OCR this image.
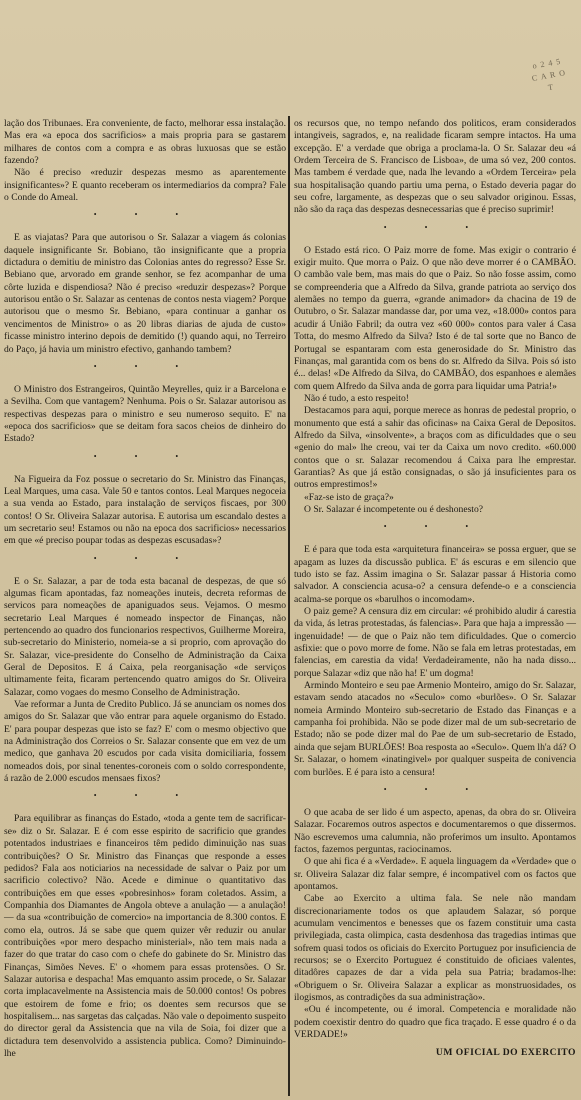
o 2 4 5
C A R O T

lação dos Tribunaes. Era conveniente, de facto, melhorar essa instalação. Mas era «a epoca dos sacrificios» a mais propria para se gastarem milhares de contos com a compra e as obras luxuosas que se estão fazendo?

Não é preciso «reduzir despezas mesmo as aparentemente insignificantes»? E quanto receberam os intermediarios da compra? Fale o Conde do Ameal.

• • •

E as viajatas? Para que autorisou o Sr. Salazar a viagem ás colonias daquele insignificante Sr. Bobiano, tão insignificante que a propria dictadura o demitiu de ministro das Colonias antes do regresso? Esse Sr. Bebiano que, arvorado em grande senhor, se fez acompanhar de uma côrte luzida e dispendiosa? Não é preciso «reduzir despezas»? Porque autorisou então o Sr. Salazar as centenas de contos nesta viagem? Porque autorisou que o mesmo Sr. Bebiano, «para continuar a ganhar os vencimentos de Ministro» o as 20 libras diarias de ajuda de custo» ficasse ministro interino depois de demitido (!) quando aqui, no Terreiro do Paço, já havia um ministro efectivo, ganhando tambem?

• • •

O Ministro dos Estrangeiros, Quintão Meyrelles, quiz ir a Barcelona e a Sevilha. Com que vantagem? Nenhuma. Pois o Sr. Salazar autorisou as respectivas despezas para o ministro e seu numeroso sequito. E' na «epoca dos sacrificios» que se deitam fora sacos cheios de dinheiro do Estado?

• • •

Na Figueira da Foz possue o secretario do Sr. Ministro das Finanças, Leal Marques, uma casa. Vale 50 e tantos contos. Leal Marques negoceia a sua venda ao Estado, para instalação de serviços fiscaes, por 300 contos! O Sr. Oliveira Salazar autorisa. E autorisa um escandalo destes a um secretario seu! Estamos ou não na epoca dos sacrificios» necessarios em que «é preciso poupar todas as despezas escusadas»?

• • •

E o Sr. Salazar, a par de toda esta bacanal de despezas, de que só algumas ficam apontadas, faz nomeações inuteis, decreta reformas de servicos para nomeações de apaniguados seus. Vejamos. O mesmo secretario Leal Marques é nomeado inspector de Finanças, não pertencendo ao quadro dos funcionarios respectivos, Guilherme Moreira, sub-secretario do Ministerio, nomeia-se a si proprio, com aprovação do Sr. Salazar, vice-presidente do Conselho de Administração da Caixa Geral de Depositos. E á Caixa, pela reorganisação «de serviços ultimamente feita, ficaram pertencendo quatro amigos do Sr. Oliveira Salazar, como vogaes do mesmo Conselho de Administração.

Vae reformar a Junta de Credito Publico. Já se anunciam os nomes dos amigos do Sr. Salazar que vão entrar para aquele organismo do Estado. E' para poupar despezas que isto se faz? E' com o mesmo objectivo que na Administração dos Correios o Sr. Salazar consente que em vez de um medico, que ganhava 20 escudos por cada visita domiciliaria, fossem nomeados dois, por sinal tenentes-coroneis com o soldo correspondente, á razão de 2.000 escudos mensaes fixos?

• • •

Para equilibrar as finanças do Estado, «toda a gente tem de sacrificar-se» diz o Sr. Salazar. E é com esse espirito de sacrificio que grandes potentados industriaes e financeiros têm pedido diminuição nas suas contribuições? O Sr. Ministro das Finanças que responde a esses pedidos? Fala aos noticiarios na necessidade de salvar o Paiz por um sacrificio colectivo? Não. Acede e diminue o quantitativo das contribuições em que esses «pobresinhos» foram coletados. Assim, a Companhia dos Diamantes de Angola obteve a anulação — a anulação! — da sua «contribuição de comercio» na importancia de 8.300 contos. E como ela, outros. Já se sabe que quem quizer vêr reduzir ou anular contribuições «por mero despacho ministerial», não tem mais nada a fazer do que tratar do caso com o chefe do gabinete do Sr. Ministro das Finanças, Simões Neves. E' o «homem para essas protensões. O Sr. Salazar autorisa e despacha! Mas emquanto assim procede, o Sr. Salazar corta implacavelmente na Assistencia mais de 50.000 contos! Os pobres que estoirem de fome e frio; os doentes sem recursos que se hospitalisem... nas sargetas das calçadas. Não vale o depoimento suspeito do director geral da Assistencia que na vila de Soia, foi dizer que a dictadura tem desenvolvido a assistencia publica. Como? Diminuindo-lhe

os recursos que, no tempo nefando dos politicos, eram considerados intangiveis, sagrados, e, na realidade ficaram sempre intactos. Ha uma excepção. E' a verdade que obriga a proclama-la. O Sr. Salazar deu «á Ordem Terceira de S. Francisco de Lisboa», de uma só vez, 200 contos. Mas tambem é verdade que, nada lhe levando a «Ordem Terceira» pela sua hospitalisação quando partiu uma perna, o Estado deveria pagar do seu cofre, largamente, as despezas que o seu salvador originou. Essas, não são da raça das despezas desnecessarias que é preciso suprimir!

• • •

O Estado está rico. O Paiz morre de fome. Mas exigir o contrario é exigir muito. Que morra o Paiz. O que não deve morrer é o CAMBÃO. O cambão vale bem, mas mais do que o Paiz. So não fosse assim, como se compreenderia que a Alfredo da Silva, grande patriota ao serviço dos alemães no tempo da guerra, «grande animador» da chacina de 19 de Outubro, o Sr. Salazar mandasse dar, por uma vez, «18.000» contos para acudir á União Fabril; da outra vez «60 000» contos para valer á Casa Totta, do mesmo Alfredo da Silva? Isto é de tal sorte que no Banco de Portugal se espantaram com esta generosidade do Sr. Ministro das Finanças, mal garantida com os bens do sr. Alfredo da Silva. Pois só isto é... delas! «De Alfredo da Silva, do CAMBÃO, dos espanhoes e alemães com quem Alfredo da Silva anda de gorra para liquidar uma Patria!»

Não é tudo, a esto respeito!

Destacamos para aqui, porque merece as honras de pedestal proprio, o monumento que está a sahir das oficinas» na Caixa Geral de Depositos. Alfredo da Silva, «insolvente», a braços com as dificuldades que o seu «genio do mal» lhe creou, vai ter da Caixa um novo credito. «60.000 contos que o sr. Salazar recomendou á Caixa para lhe emprestar. Garantias? As que já estão consignadas, o são já insuficientes para os outros emprestimos!»

«Faz-se isto de graça?»

O Sr. Salazar é incompetente ou é deshonesto?

• • •

E é para que toda esta «arquitetura financeira» se possa erguer, que se apagam as luzes da discussão publica. E' ás escuras e em silencio que tudo isto se faz. Assim imagina o Sr. Salazar passar á Historia como salvador. A consciencia acusa-o? a censura defende-o e a consciencia acalma-se porque os «barulhos o incomodam».

O paiz geme? A censura diz em circular: «é prohibido aludir á carestia da vida, ás letras protestadas, ás falencias». Para que haja a impressão — ingenuidade! — de que o Paiz não tem dificuldades. Que o comercio asfixie: que o povo morre de fome. Não se fala em letras protestadas, em falencias, em carestia da vida! Verdadeiramente, não ha nada disso... porque Salazar «diz que não ha! E' um dogma!

Armindo Monteiro e seu pae Armenio Monteiro, amigo do Sr. Salazar, estavam sendo atacados no «Seculo» como «burlões». O Sr. Salazar nomeia Armindo Monteiro sub-secretario de Estado das Finanças e a campanha foi prohibida. Não se pode dizer mal de um sub-secretario de Estado; não se pode dizer mal do Pae de um sub-secretario de Estado, ainda que sejam BURLÕES! Boa resposta ao «Seculo». Quem lh'a dá? O Sr. Salazar, o homem «inatingivel» por qualquer suspeita de conivencia com burlões. E é para isto a censura!

• • •

O que acaba de ser lido é um aspecto, apenas, da obra do sr. Oliveira Salazar. Focaremos outros aspectos e documentaremos o que dissermos. Não escrevemos uma calumnia, não proferimos um insulto. Apontamos factos, fazemos perguntas, raciocinamos.

O que ahi fica é a «Verdade». E aquela linguagem da «Verdade» que o sr. Oliveira Salazar diz falar sempre, é incompativel com os factos que apontamos.

Cabe ao Exercito a ultima fala. Se nele não mandam discrecionariamente todos os que aplaudem Salazar, só porque acumulam vencimentos e benesses que os fazem constituir uma casta privilegiada, casta olimpica, casta desdenhosa das tragedias intimas que sofrem quasi todos os oficiais do Exercito Portuguez por insuficiencia de recursos; se o Exercito Portuguez é constituido de oficiaes valentes, ditadôres capazes de dar a vida pela sua Patria; bradamos-lhe: «Obriguem o Sr. Oliveira Salazar a explicar as monstruosidades, os ilogismos, as contradições da sua administração».

«Ou é incompetente, ou é imoral. Competencia e moralidade não podem coexistir dentro do quadro que fica traçado. E esse quadro é o da VERDADE!»

UM OFICIAL DO EXERCITO
